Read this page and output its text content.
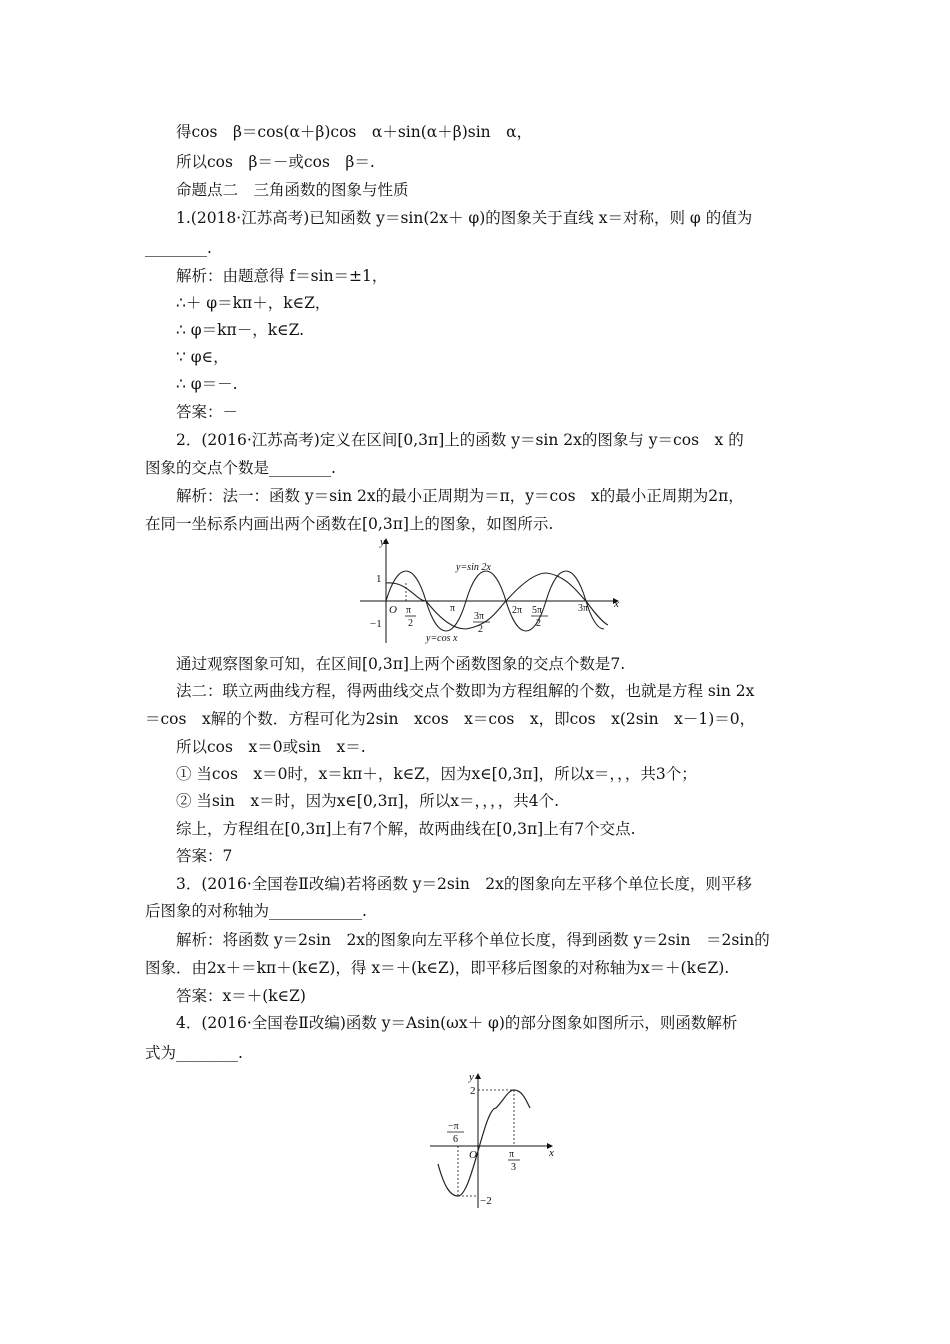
得cos　β＝cos(α＋β)cos　α＋sin(α＋β)sin　α，
所以cos　β＝－或cos　β＝.
命题点二　三角函数的图象与性质
1.(2018·江苏高考)已知函数 y＝sin(2x＋ φ)的图象关于直线 x＝对称，则 φ 的值为
________.
解析：由题意得 f＝sin＝±1，
∴＋ φ＝kπ＋，k∈Z，
∴ φ＝kπ－，k∈Z.
∵ φ∈，
∴ φ＝－.
答案：－
2．(2016·江苏高考)定义在区间[0,3π]上的函数 y＝sin 2x的图象与 y＝cos　x 的
图象的交点个数是________.
解析：法一：函数 y＝sin 2x的最小正周期为＝π，y＝cos　x的最小正周期为2π，
在同一坐标系内画出两个函数在[0,3π]上的图象，如图所示.
y
x
O
1
−1
π
2
π
3π
2
2π 5π
2
3π
y=sin 2x
y=cos x
通过观察图象可知，在区间[0,3π]上两个函数图象的交点个数是7.
法二：联立两曲线方程，得两曲线交点个数即为方程组解的个数，也就是方程 sin 2x
＝cos　x解的个数．方程可化为2sin　xcos　x＝cos　x，即cos　x(2sin　x－1)＝0，
所以cos　x＝0或sin　x＝.
① 当cos　x＝0时，x＝kπ＋，k∈Z，因为x∈[0,3π]，所以x＝，，，共3个；
② 当sin　x＝时，因为x∈[0,3π]，所以x＝，，，，共4个.
综上，方程组在[0,3π]上有7个解，故两曲线在[0,3π]上有7个交点.
答案：7
3．(2016·全国卷Ⅱ改编)若将函数 y＝2sin　2x的图象向左平移个单位长度，则平移
后图象的对称轴为____________.
解析：将函数 y＝2sin　2x的图象向左平移个单位长度，得到函数 y＝2sin　＝2sin的
图象．由2x＋＝kπ＋(k∈Z)，得 x＝＋(k∈Z)，即平移后图象的对称轴为x＝＋(k∈Z).
答案：x＝＋(k∈Z)
4．(2016·全国卷Ⅱ改编)函数 y＝Asin(ωx＋ φ)的部分图象如图所示，则函数解析
式为________.
y
x
O
2
−2
−π
6
π
3
